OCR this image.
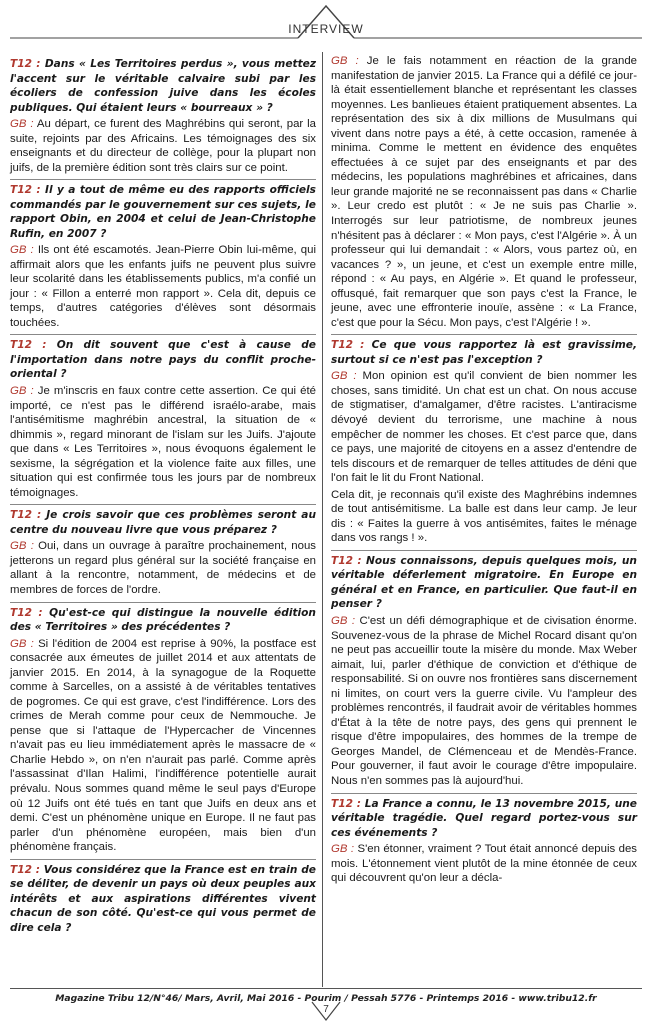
INTERVIEW

T12 : Dans « Les Territoires perdus », vous mettez l'accent sur le véritable calvaire subi par les écoliers de confession juive dans les écoles publiques. Qui étaient leurs « bourreaux » ?

GB : Au départ, ce furent des Maghrébins qui seront, par la suite, rejoints par des Africains. Les témoignages des six enseignants et du directeur de collège, pour la plupart non juifs, de la première édition sont très clairs sur ce point.

T12 : Il y a tout de même eu des rapports officiels commandés par le gouvernement sur ces sujets, le rapport Obin, en 2004 et celui de Jean-Christophe Rufin, en 2007 ?

GB : Ils ont été escamotés. Jean-Pierre Obin lui-même, qui affirmait alors que les enfants juifs ne peuvent plus suivre leur scolarité dans les établissements publics, m'a confié un jour : « Fillon a enterré mon rapport ». Cela dit, depuis ce temps, d'autres catégories d'élèves sont désormais touchées.

T12 : On dit souvent que c'est à cause de l'importation dans notre pays du conflit proche-oriental ?

GB : Je m'inscris en faux contre cette assertion. Ce qui été importé, ce n'est pas le différend israélo-arabe, mais l'antisémitisme maghrébin ancestral, la situation de « dhimmis », regard minorant de l'islam sur les Juifs. J'ajoute que dans « Les Territoires », nous évoquons également le sexisme, la ségrégation et la violence faite aux filles, une situation qui est confirmée tous les jours par de nombreux témoignages.

T12 : Je crois savoir que ces problèmes seront au centre du nouveau livre que vous préparez ?

GB : Oui, dans un ouvrage à paraître prochainement, nous jetterons un regard plus général sur la société française en allant à la rencontre, notamment, de médecins et de membres de forces de l'ordre.

T12 : Qu'est-ce qui distingue la nouvelle édition des « Territoires » des précédentes ?

GB : Si l'édition de 2004 est reprise à 90%, la postface est consacrée aux émeutes de juillet 2014 et aux attentats de janvier 2015. En 2014, à la synagogue de la Roquette comme à Sarcelles, on a assisté à de véritables tentatives de pogromes. Ce qui est grave, c'est l'indifférence. Lors des crimes de Merah comme pour ceux de Nemmouche. Je pense que si l'attaque de l'Hypercacher de Vincennes n'avait pas eu lieu immédiatement après le massacre de « Charlie Hebdo », on n'en n'aurait pas parlé. Comme après l'assassinat d'Ilan Halimi, l'indifférence potentielle aurait prévalu. Nous sommes quand même le seul pays d'Europe où 12 Juifs ont été tués en tant que Juifs en deux ans et demi. C'est un phénomène unique en Europe. Il ne faut pas parler d'un phénomène européen, mais bien d'un phénomène français.

T12 : Vous considérez que la France est en train de se déliter, de devenir un pays où deux peuples aux intérêts et aux aspirations différentes vivent chacun de son côté. Qu'est-ce qui vous permet de dire cela ?

GB : Je le fais notamment en réaction de la grande manifestation de janvier 2015. La France qui a défilé ce jour-là était essentiellement blanche et représentant les classes moyennes. Les banlieues étaient pratiquement absentes. La représentation des six à dix millions de Musulmans qui vivent dans notre pays a été, à cette occasion, ramenée à minima. Comme le mettent en évidence des enquêtes effectuées à ce sujet par des enseignants et par des médecins, les populations maghrébines et africaines, dans leur grande majorité ne se reconnaissent pas dans « Charlie ». Leur credo est plutôt : « Je ne suis pas Charlie ». Interrogés sur leur patriotisme, de nombreux jeunes n'hésitent pas à déclarer : « Mon pays, c'est l'Algérie ». À un professeur qui lui demandait : « Alors, vous partez où, en vacances ? », un jeune, et c'est un exemple entre mille, répond : « Au pays, en Algérie ». Et quand le professeur, offusqué, fait remarquer que son pays c'est la France, le jeune, avec une effronterie inouïe, assène : « La France, c'est que pour la Sécu. Mon pays, c'est l'Algérie ! ».

T12 : Ce que vous rapportez là est gravissime, surtout si ce n'est pas l'exception ?

GB : Mon opinion est qu'il convient de bien nommer les choses, sans timidité. Un chat est un chat. On nous accuse de stigmatiser, d'amalgamer, d'être racistes. L'antiracisme dévoyé devient du terrorisme, une machine à nous empêcher de nommer les choses. Et c'est parce que, dans ce pays, une majorité de citoyens en a assez d'entendre de tels discours et de remarquer de telles attitudes de déni que l'on fait le lit du Front National.

Cela dit, je reconnais qu'il existe des Maghrébins indemnes de tout antisémitisme. La balle est dans leur camp. Je leur dis : « Faites la guerre à vos antisémites, faites le ménage dans vos rangs ! ».

T12 : Nous connaissons, depuis quelques mois, un véritable déferlement migratoire. En Europe en général et en France, en particulier. Que faut-il en penser ?

GB : C'est un défi démographique et de civisation énorme. Souvenez-vous de la phrase de Michel Rocard disant qu'on ne peut pas accueillir toute la misère du monde. Max Weber aimait, lui, parler d'éthique de conviction et d'éthique de responsabilité. Si on ouvre nos frontières sans discernement ni limites, on court vers la guerre civile. Vu l'ampleur des problèmes rencontrés, il faudrait avoir de véritables hommes d'État à la tête de notre pays, des gens qui prennent le risque d'être impopulaires, des hommes de la trempe de Georges Mandel, de Clémenceau et de Mendès-France. Pour gouverner, il faut avoir le courage d'être impopulaire. Nous n'en sommes pas là aujourd'hui.

T12 : La France a connu, le 13 novembre 2015, une véritable tragédie. Quel regard portez-vous sur ces événements ?

GB : S'en étonner, vraiment ? Tout était annoncé depuis des mois. L'étonnement vient plutôt de la mine étonnée de ceux qui découvrent qu'on leur a décla-

Magazine Tribu 12/N°46/ Mars, Avril, Mai 2016 - Pourim / Pessah 5776 - Printemps 2016 - www.tribu12.fr
7
